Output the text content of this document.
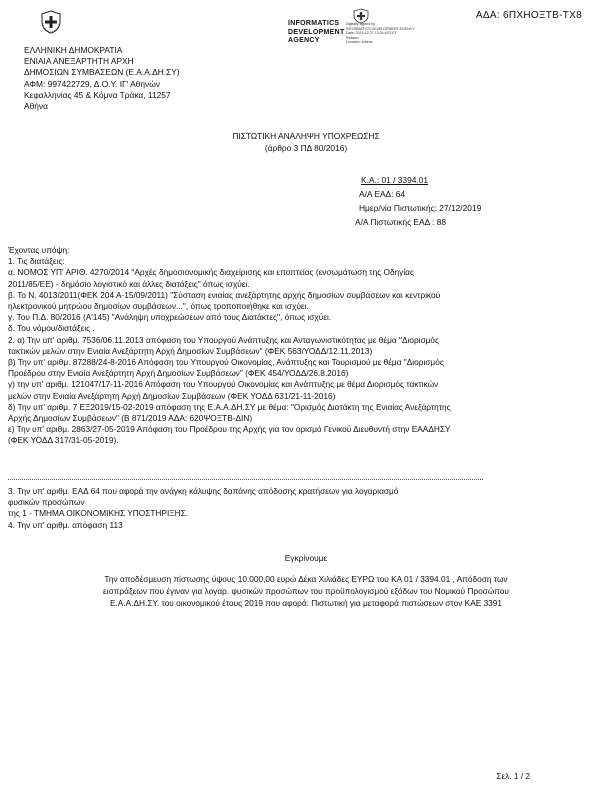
ΕΛΛΗΝΙΚΗ ΔΗΜΟΚΡΑΤΙΑ
ΕΝΙΑΙΑ ΑΝΕΞΑΡΤΗΤΗ ΑΡΧΗ
ΔΗΜΟΣΙΩΝ ΣΥΜΒΑΣΕΩΝ (Ε.Α.Α.ΔΗ.ΣΥ)
ΑΦΜ: 997422729, Δ.Ο.Υ. ΙΓ' Αθηνών
Κεφαλληνίας 45 & Κόμνα Τράκα, 11257
Αθήνα
INFORMATICS
DEVELOPMENT
AGENCY
Digitally signed by
INFORMATICS DEVELOPMENT AGENCY
Date: 2019.12.27 13:34:44 EET
Reason:
Location: Athens
ΑΔΑ: 6ΠΧΗΟΞΤΒ-ΤΧ8
ΠΙΣΤΩΤΙΚΗ ΑΝΑΛΗΨΗ ΥΠΟΧΡΕΩΣΗΣ
(άρθρο 3 ΠΔ 80/2016)
Κ.Α.: 01 / 3394.01
Α/Α ΕΑΔ: 64
Ημερ/νία Πιστωτικής: 27/12/2019
Α/Α Πιστωτικής ΕΑΔ : 88
Έχοντας υπόψη:
1. Τις διατάξεις:
α. ΝΟΜΟΣ ΥΠ' ΑΡΙΘ. 4270/2014 "Αρχές δημοσιονομικής διαχείρισης και εποπτείας (ενσωμάτωση της Οδηγίας
2011/85/ΕΕ) - δημόσιο λογιστικό και άλλες διατάξεις" όπως ισχύει.
β. Το Ν. 4013/2011(ΦΕΚ 204 Α-15/09/2011) "Σύσταση ενιαίας ανεξάρτητης αρχής δημοσίων συμβάσεων και κεντρικού
ηλεκτρονικού μητρώου δημοσίων συμβάσεων...", όπως τροποποιήθηκε και ισχύει.
γ. Του Π.Δ. 80/2016 (Α'145) "Ανάληψη υποχρεώσεων από τους Διατάκτες", όπως ισχύει.
δ. Του νόμου/διατάξεις .
2. α) Την υπ' αριθμ. 7536/06.11.2013 απόφαση του Υπουργού Ανάπτυξης και Ανταγωνιστικότητας με θέμα "Διορισμός
τακτικών μελών στην Ενιαία Ανεξάρτητη Αρχή Δημοσίων Συμβάσεων" (ΦΕΚ 563/ΥΟΔΔ/12.11.2013)
β) Την υπ' αριθμ. 87288/24-8-2016 Απόφαση του Υπουργού Οικονομίας, Ανάπτυξης και Τουρισμού με θέμα "Διορισμός
Προέδρου στην Ενιαία Ανεξάρτητη Αρχή Δημοσίων Συμβάσεων" (ΦΕΚ 454/ΥΟΔΔ/26.8.2016)
γ) την υπ' αριθμ. 121047/17-11-2016 Απόφαση του Υπουργού Οικονομίας και Ανάπτυξης με θέμα Διορισμός τακτικών
μελών στην Ενιαία Ανεξάρτητη Αρχή Δημοσίων Συμβάσεων (ΦΕΚ ΥΟΔΔ 631/21-11-2016)
δ) Την υπ' αριθμ. 7 ΕΞ2019/15-02-2019 απόφαση της Ε.Α.Α.ΔΗ.ΣΥ με θέμα: "Ορισμός Διατάκτη της Ενιαίας Ανεξάρτητης
Αρχής Δημοσίων Συμβάσεων" (Β 871/2019 ΑΔΑ: 620ΨΟΞΤΒ-ΔΙΝ)
ε) Την υπ' αριθμ. 2863/27-05-2019 Απόφαση του Προέδρου της Αρχής για τον ορισμό Γενικού Διευθυντή στην ΕΑΑΔΗΣΥ
(ΦΕΚ ΥΟΔΔ 317/31-05-2019).
3. Την υπ' αριθμ. ΕΑΔ 64 που αφορά την ανάγκη κάλυψης δαπάνης απόδοσης κρατήσεων για λογαριασμό
φυσικών προσώπων
της 1 - ΤΜΗΜΑ ΟΙΚΟΝΟΜΙΚΗΣ ΥΠΟΣΤΗΡΙΞΗΣ.
4. Την υπ' αριθμ. απόφαση 113
Εγκρίνουμε
Την αποδέσμευση πίστωσης ύψους 10.000,00 ευρώ Δέκα Χιλιάδες ΕΥΡΩ του ΚΑ 01 / 3394.01 , Απόδοση των
εισπράξεων που έγιναν για λογαρ. φυσικών προσώπων του προϋπολογισμού εξόδων του Νομικού Προσώπου
Ε.Α.Α.ΔΗ.ΣΥ. του οικονομικού έτους 2019 που αφορά: Πιστωτική για μεταφορά πιστώσεων στον ΚΑΕ 3391
Σελ. 1 / 2
